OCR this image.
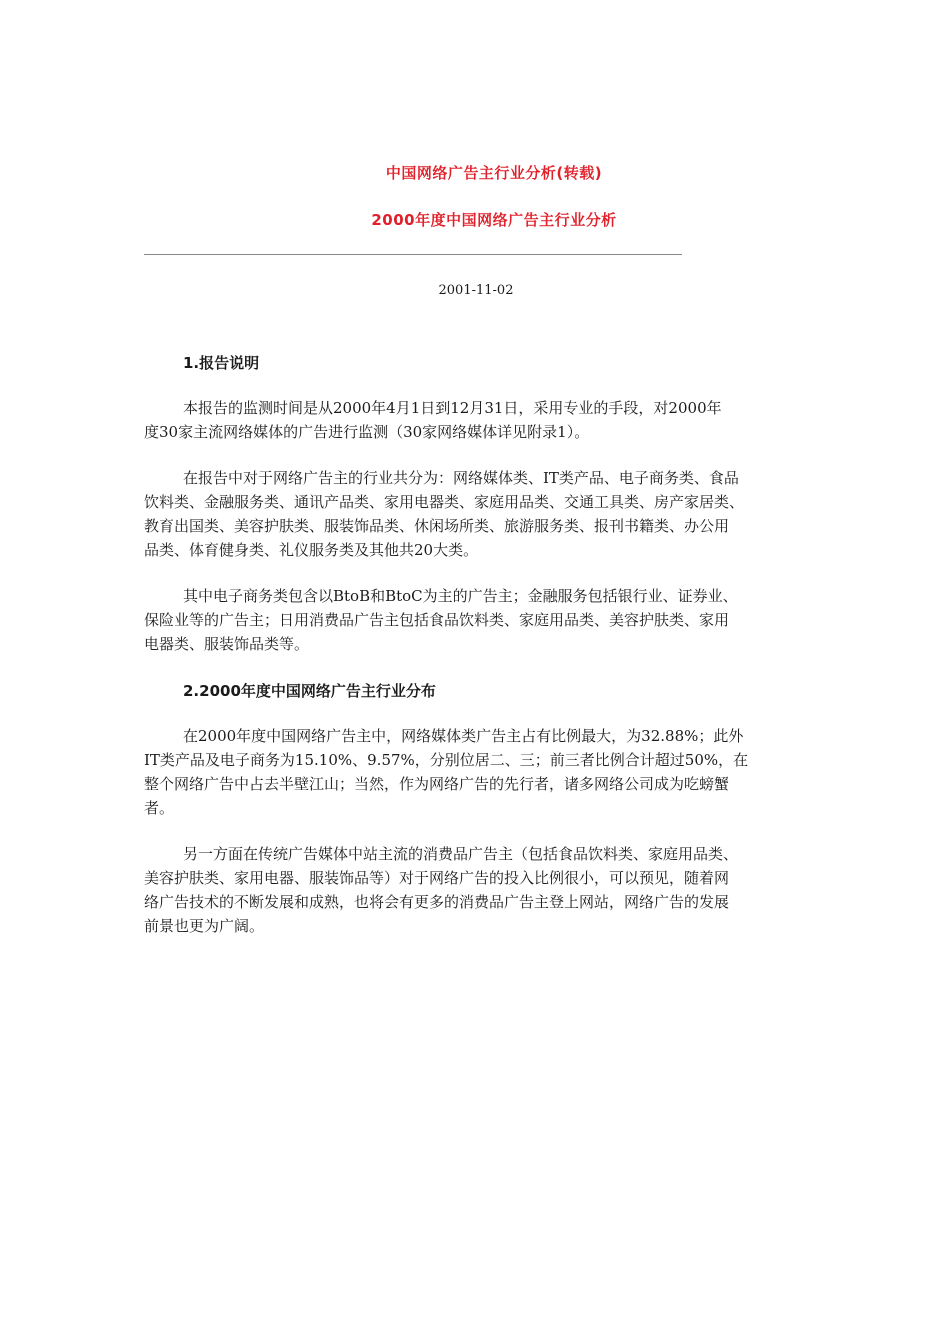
中国网络广告主行业分析(转载)
2000年度中国网络广告主行业分析
2001-11-02
1.报告说明
本报告的监测时间是从2000年4月1日到12月31日，采用专业的手段，对2000年
度30家主流网络媒体的广告进行监测（30家网络媒体详见附录1）。
在报告中对于网络广告主的行业共分为：网络媒体类、IT类产品、电子商务类、食品
饮料类、金融服务类、通讯产品类、家用电器类、家庭用品类、交通工具类、房产家居类、
教育出国类、美容护肤类、服装饰品类、休闲场所类、旅游服务类、报刊书籍类、办公用
品类、体育健身类、礼仪服务类及其他共20大类。
其中电子商务类包含以BtoB和BtoC为主的广告主；金融服务包括银行业、证券业、
保险业等的广告主；日用消费品广告主包括食品饮料类、家庭用品类、美容护肤类、家用
电器类、服装饰品类等。
2.2000年度中国网络广告主行业分布
在2000年度中国网络广告主中，网络媒体类广告主占有比例最大，为32.88%；此外
IT类产品及电子商务为15.10%、9.57%，分别位居二、三；前三者比例合计超过50%，在
整个网络广告中占去半壁江山；当然，作为网络广告的先行者，诸多网络公司成为吃螃蟹
者。
另一方面在传统广告媒体中站主流的消费品广告主（包括食品饮料类、家庭用品类、
美容护肤类、家用电器、服装饰品等）对于网络广告的投入比例很小，可以预见，随着网
络广告技术的不断发展和成熟，也将会有更多的消费品广告主登上网站，网络广告的发展
前景也更为广阔。
